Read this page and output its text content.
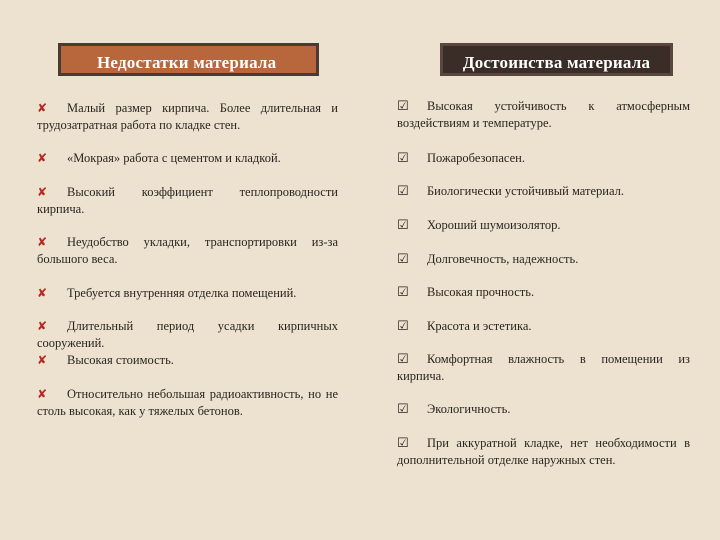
Недостатки материала	Достоинства материала

✘ Малый размер кирпича. Более длительная и трудозатратная работа по кладке стен.

✘ «Мокрая» работа с цементом и кладкой.

✘ Высокий коэффициент теплопроводности кирпича.

✘ Неудобство укладки, транспортировки из-за большого веса.

✘ Требуется внутренняя отделка помещений.

✘ Длительный период усадки кирпичных сооружений.

✘ Высокая стоимость.

✘ Относительно небольшая радиоактивность, но не столь высокая, как у тяжелых бетонов.

☑ Высокая устойчивость к атмосферным воздействиям и температуре.

☑ Пожаробезопасен.

☑ Биологически устойчивый материал.

☑ Хороший шумоизолятор.

☑ Долговечность, надежность.

☑ Высокая прочность.

☑ Красота и эстетика.

☑ Комфортная влажность в помещении из кирпича.

☑ Экологичность.

☑ При аккуратной кладке, нет необходимости в дополнительной отделке наружных стен.
